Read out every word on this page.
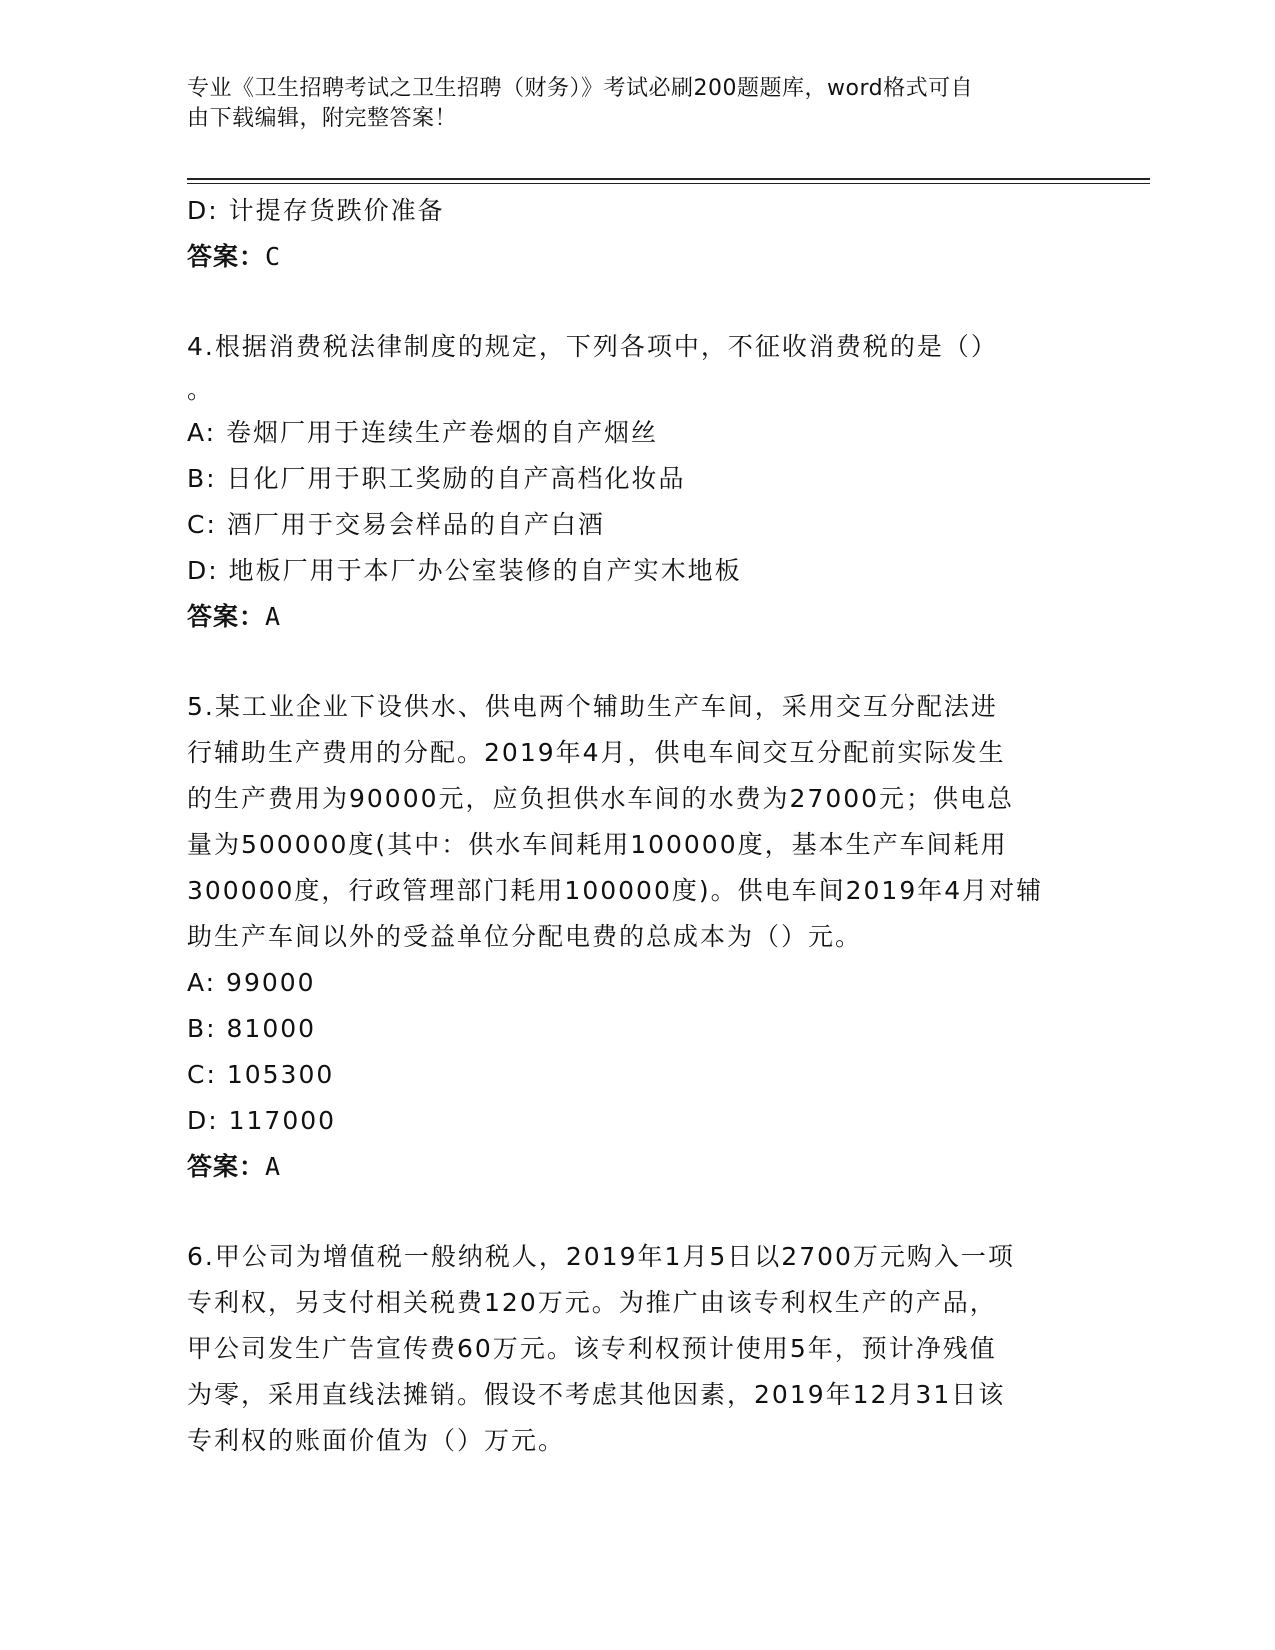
专业《卫生招聘考试之卫生招聘（财务）》考试必刷200题题库，word格式可自
由下载编辑，附完整答案！
D: 计提存货跌价准备
答案：C
4.根据消费税法律制度的规定，下列各项中，不征收消费税的是（）
。
A: 卷烟厂用于连续生产卷烟的自产烟丝
B: 日化厂用于职工奖励的自产高档化妆品
C: 酒厂用于交易会样品的自产白酒
D: 地板厂用于本厂办公室装修的自产实木地板
答案：A
5.某工业企业下设供水、供电两个辅助生产车间，采用交互分配法进
行辅助生产费用的分配。2019年4月，供电车间交互分配前实际发生
的生产费用为90000元，应负担供水车间的水费为27000元；供电总
量为500000度(其中：供水车间耗用100000度，基本生产车间耗用
300000度，行政管理部门耗用100000度)。供电车间2019年4月对辅
助生产车间以外的受益单位分配电费的总成本为（）元。
A: 99000
B: 81000
C: 105300
D: 117000
答案：A
6.甲公司为增值税一般纳税人，2019年1月5日以2700万元购入一项
专利权，另支付相关税费120万元。为推广由该专利权生产的产品，
甲公司发生广告宣传费60万元。该专利权预计使用5年，预计净残值
为零，采用直线法摊销。假设不考虑其他因素，2019年12月31日该
专利权的账面价值为（）万元。
